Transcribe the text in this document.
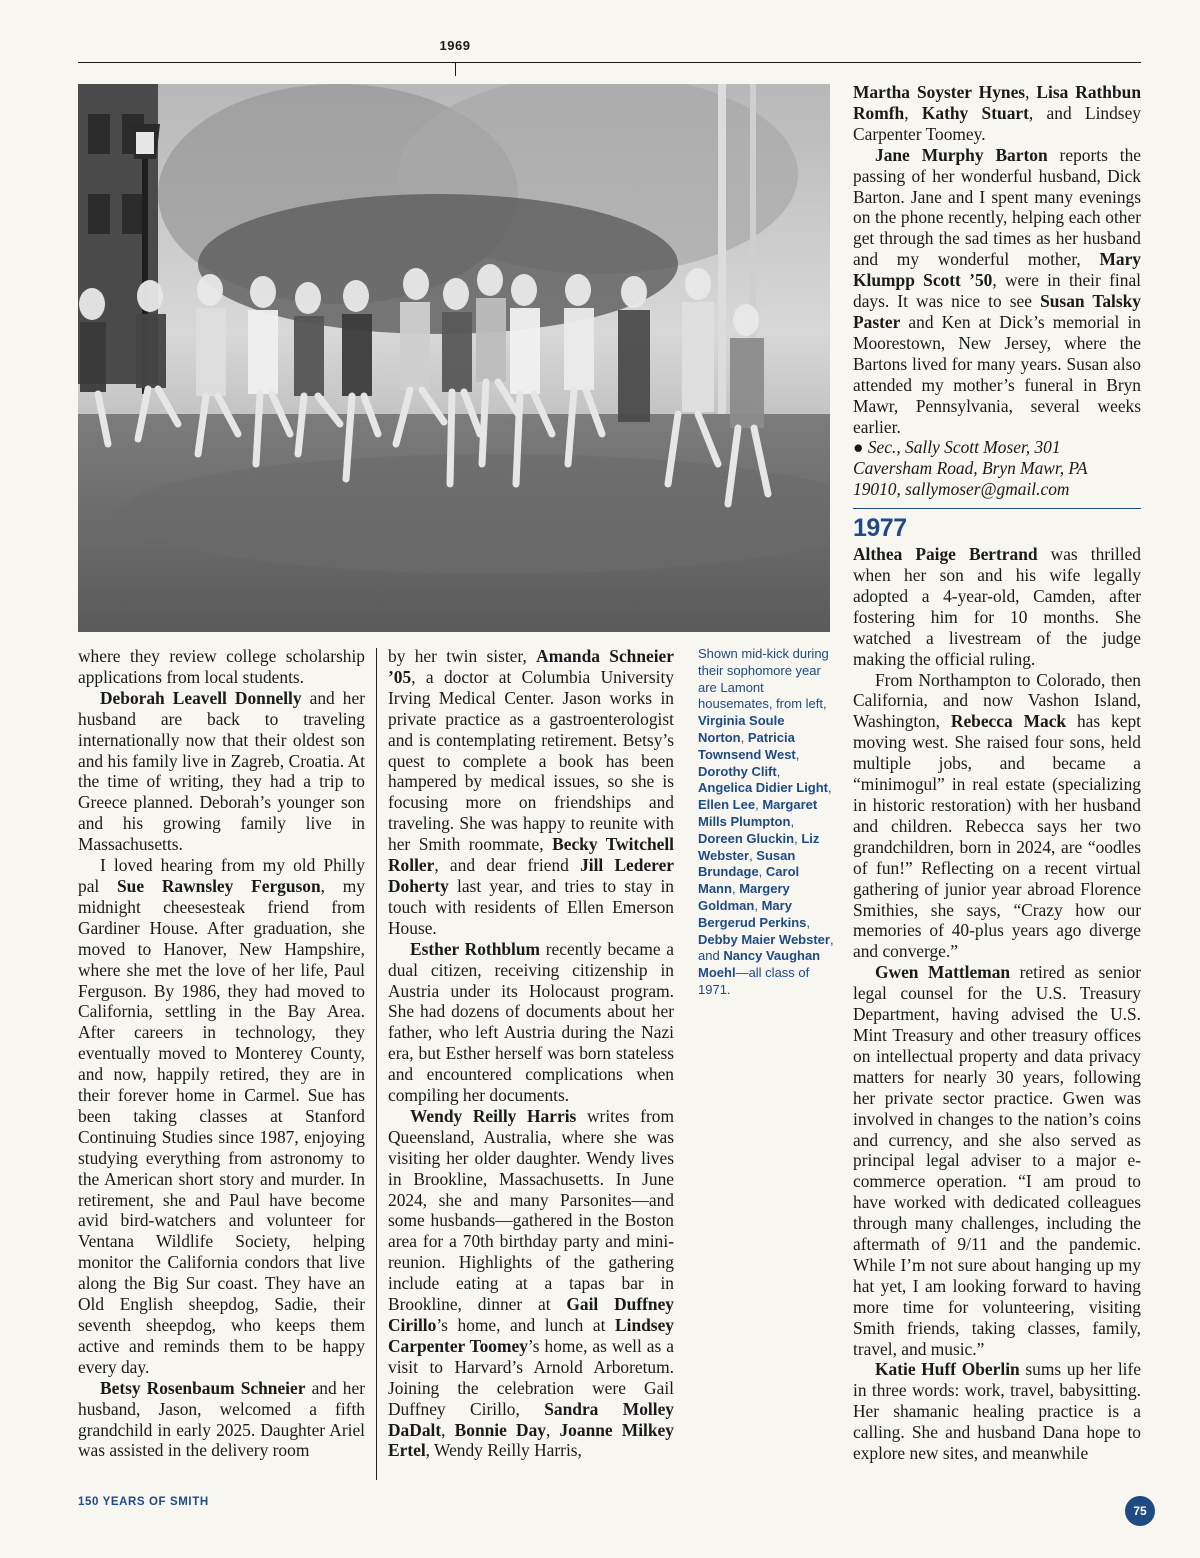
1969

where they review college scholarship applications from local students.

Deborah Leavell Donnelly and her husband are back to traveling internationally now that their oldest son and his family live in Zagreb, Croatia. At the time of writing, they had a trip to Greece planned. Deborah’s younger son and his growing family live in Massachusetts.

I loved hearing from my old Philly pal Sue Rawnsley Ferguson, my midnight cheesesteak friend from Gardiner House. After graduation, she moved to Hanover, New Hampshire, where she met the love of her life, Paul Ferguson. By 1986, they had moved to California, settling in the Bay Area. After careers in technology, they eventually moved to Monterey County, and now, happily retired, they are in their forever home in Carmel. Sue has been taking classes at Stanford Continuing Studies since 1987, enjoying studying everything from astronomy to the American short story and murder. In retirement, she and Paul have become avid bird-watchers and volunteer for Ventana Wildlife Society, helping monitor the California condors that live along the Big Sur coast. They have an Old English sheepdog, Sadie, their seventh sheepdog, who keeps them active and reminds them to be happy every day.

Betsy Rosenbaum Schneier and her husband, Jason, welcomed a fifth grandchild in early 2025. Daughter Ariel was assisted in the delivery room

by her twin sister, Amanda Schneier ’05, a doctor at Columbia University Irving Medical Center. Jason works in private practice as a gastroenterologist and is contemplating retirement. Betsy’s quest to complete a book has been hampered by medical issues, so she is focusing more on friendships and traveling. She was happy to reunite with her Smith roommate, Becky Twitchell Roller, and dear friend Jill Lederer Doherty last year, and tries to stay in touch with residents of Ellen Emerson House.

Esther Rothblum recently became a dual citizen, receiving citizenship in Austria under its Holocaust program. She had dozens of documents about her father, who left Austria during the Nazi era, but Esther herself was born stateless and encountered complications when compiling her documents.

Wendy Reilly Harris writes from Queensland, Australia, where she was visiting her older daughter. Wendy lives in Brookline, Massachusetts. In June 2024, she and many Parsonites—and some husbands—gathered in the Boston area for a 70th birthday party and mini-reunion. Highlights of the gathering include eating at a tapas bar in Brookline, dinner at Gail Duffney Cirillo’s home, and lunch at Lindsey Carpenter Toomey’s home, as well as a visit to Harvard’s Arnold Arboretum. Joining the celebration were Gail Duffney Cirillo, Sandra Molley DaDalt, Bonnie Day, Joanne Milkey Ertel, Wendy Reilly Harris,

Shown mid-kick during their sophomore year are Lamont housemates, from left, Virginia Soule Norton, Patricia Townsend West, Dorothy Clift, Angelica Didier Light, Ellen Lee, Margaret Mills Plumpton, Doreen Gluckin, Liz Webster, Susan Brundage, Carol Mann, Margery Goldman, Mary Bergerud Perkins, Debby Maier Webster, and Nancy Vaughan Moehl—all class of 1971.

Martha Soyster Hynes, Lisa Rathbun Romfh, Kathy Stuart, and Lindsey Carpenter Toomey.

Jane Murphy Barton reports the passing of her wonderful husband, Dick Barton. Jane and I spent many evenings on the phone recently, helping each other get through the sad times as her husband and my wonderful mother, Mary Klumpp Scott ’50, were in their final days. It was nice to see Susan Talsky Paster and Ken at Dick’s memorial in Moorestown, New Jersey, where the Bartons lived for many years. Susan also attended my mother’s funeral in Bryn Mawr, Pennsylvania, several weeks earlier.

● Sec., Sally Scott Moser, 301
Caversham Road, Bryn Mawr, PA
19010, sallymoser@gmail.com

1977

Althea Paige Bertrand was thrilled when her son and his wife legally adopted a 4-year-old, Camden, after fostering him for 10 months. She watched a livestream of the judge making the official ruling.

From Northampton to Colorado, then California, and now Vashon Island, Washington, Rebecca Mack has kept moving west. She raised four sons, held multiple jobs, and became a “minimogul” in real estate (specializing in historic restoration) with her husband and children. Rebecca says her two grandchildren, born in 2024, are “oodles of fun!” Reflecting on a recent virtual gathering of junior year abroad Florence Smithies, she says, “Crazy how our memories of 40-plus years ago diverge and converge.”

Gwen Mattleman retired as senior legal counsel for the U.S. Treasury Department, having advised the U.S. Mint Treasury and other treasury offices on intellectual property and data privacy matters for nearly 30 years, following her private sector practice. Gwen was involved in changes to the nation’s coins and currency, and she also served as principal legal adviser to a major e-commerce operation. “I am proud to have worked with dedicated colleagues through many challenges, including the aftermath of 9/11 and the pandemic. While I’m not sure about hanging up my hat yet, I am looking forward to having more time for volunteering, visiting Smith friends, taking classes, family, travel, and music.”

Katie Huff Oberlin sums up her life in three words: work, travel, babysitting. Her shamanic healing practice is a calling. She and husband Dana hope to explore new sites, and meanwhile

150 YEARS OF SMITH
75
